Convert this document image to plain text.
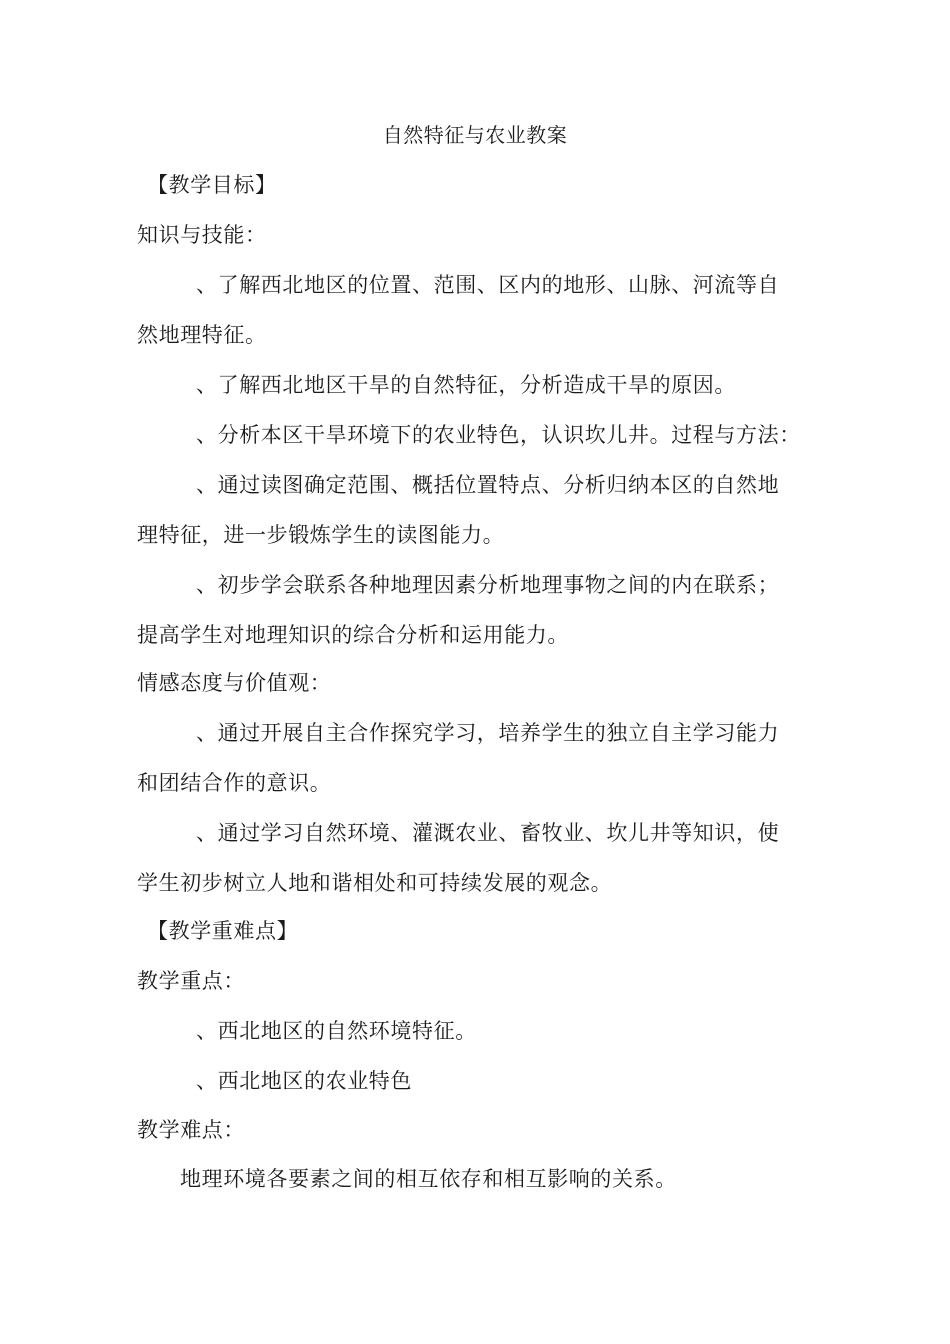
自然特征与农业教案
【教学目标】
知识与技能：
、了解西北地区的位置、范围、区内的地形、山脉、河流等自
然地理特征。
、了解西北地区干旱的自然特征，分析造成干旱的原因。
、分析本区干旱环境下的农业特色，认识坎儿井。过程与方法：
、通过读图确定范围、概括位置特点、分析归纳本区的自然地
理特征，进一步锻炼学生的读图能力。
、初步学会联系各种地理因素分析地理事物之间的内在联系；
提高学生对地理知识的综合分析和运用能力。
情感态度与价值观：
、通过开展自主合作探究学习，培养学生的独立自主学习能力
和团结合作的意识。
、通过学习自然环境、灌溉农业、畜牧业、坎儿井等知识，使
学生初步树立人地和谐相处和可持续发展的观念。
【教学重难点】
教学重点：
、西北地区的自然环境特征。
、西北地区的农业特色
教学难点：
地理环境各要素之间的相互依存和相互影响的关系。
